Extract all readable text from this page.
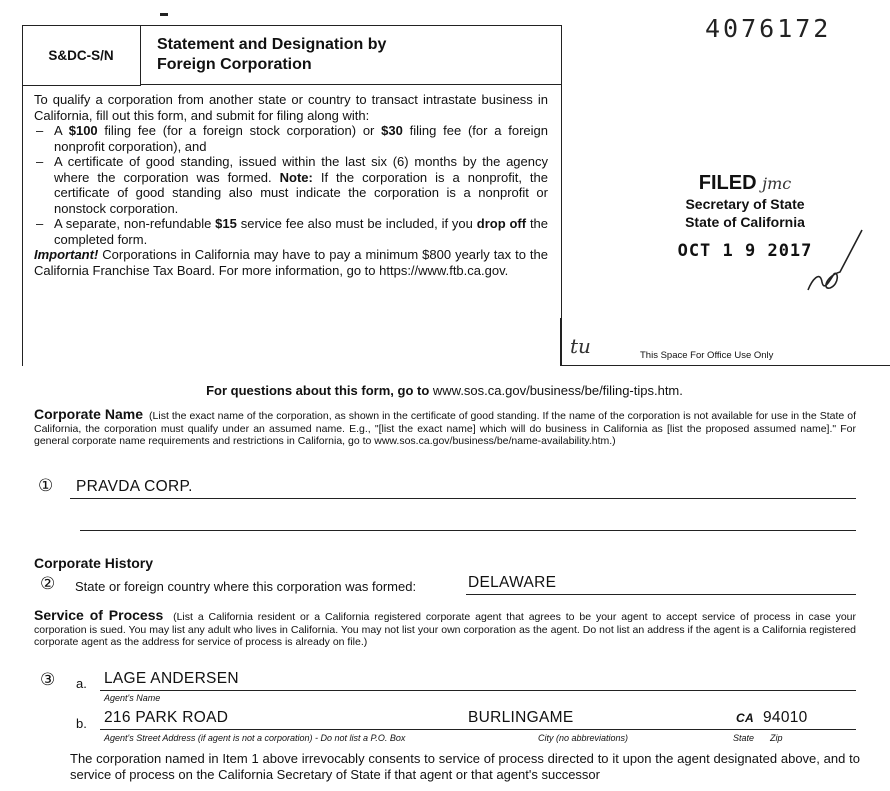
4076172
S&DC-S/N
Statement and Designation by
Foreign Corporation

To qualify a corporation from another state or country to transact intrastate business in California, fill out this form, and submit for filing along with:

– A $100 filing fee (for a foreign stock corporation) or $30 filing fee (for a foreign nonprofit corporation), and
– A certificate of good standing, issued within the last six (6) months by the agency where the corporation was formed. Note: If the corporation is a nonprofit, the certificate of good standing also must indicate the corporation is a nonprofit or nonstock corporation.
– A separate, non-refundable $15 service fee also must be included, if you drop off the completed form.

Important! Corporations in California may have to pay a minimum $800 yearly tax to the California Franchise Tax Board. For more information, go to https://www.ftb.ca.gov.

FILED jmc
Secretary of State
State of California
OCT 1 9 2017
tu	This Space For Office Use Only
For questions about this form, go to www.sos.ca.gov/business/be/filing-tips.htm.
Corporate Name (List the exact name of the corporation, as shown in the certificate of good standing. If the name of the corporation is not available for use in the State of California, the corporation must qualify under an assumed name. E.g., "[list the exact name] which will do business in California as [list the proposed assumed name]." For general corporate name requirements and restrictions in California, go to www.sos.ca.gov/business/be/name-availability.htm.)
①	PRAVDA CORP.
Corporate History
②	State or foreign country where this corporation was formed:	DELAWARE
Service of Process (List a California resident or a California registered corporate agent that agrees to be your agent to accept service of process in case your corporation is sued. You may list any adult who lives in California. You may not list your own corporation as the agent. Do not list an address if the agent is a California registered corporate agent as the address for service of process is already on file.)
③	a. LAGE ANDERSEN
Agent's Name
b. 216 PARK ROAD	BURLINGAME	CA 94010
Agent's Street Address (if agent is not a corporation) - Do not list a P.O. Box	City (no abbreviations)	State Zip
The corporation named in Item 1 above irrevocably consents to service of process directed to it upon the agent designated above, and to service of process on the California Secretary of State if that agent or that agent's successor
